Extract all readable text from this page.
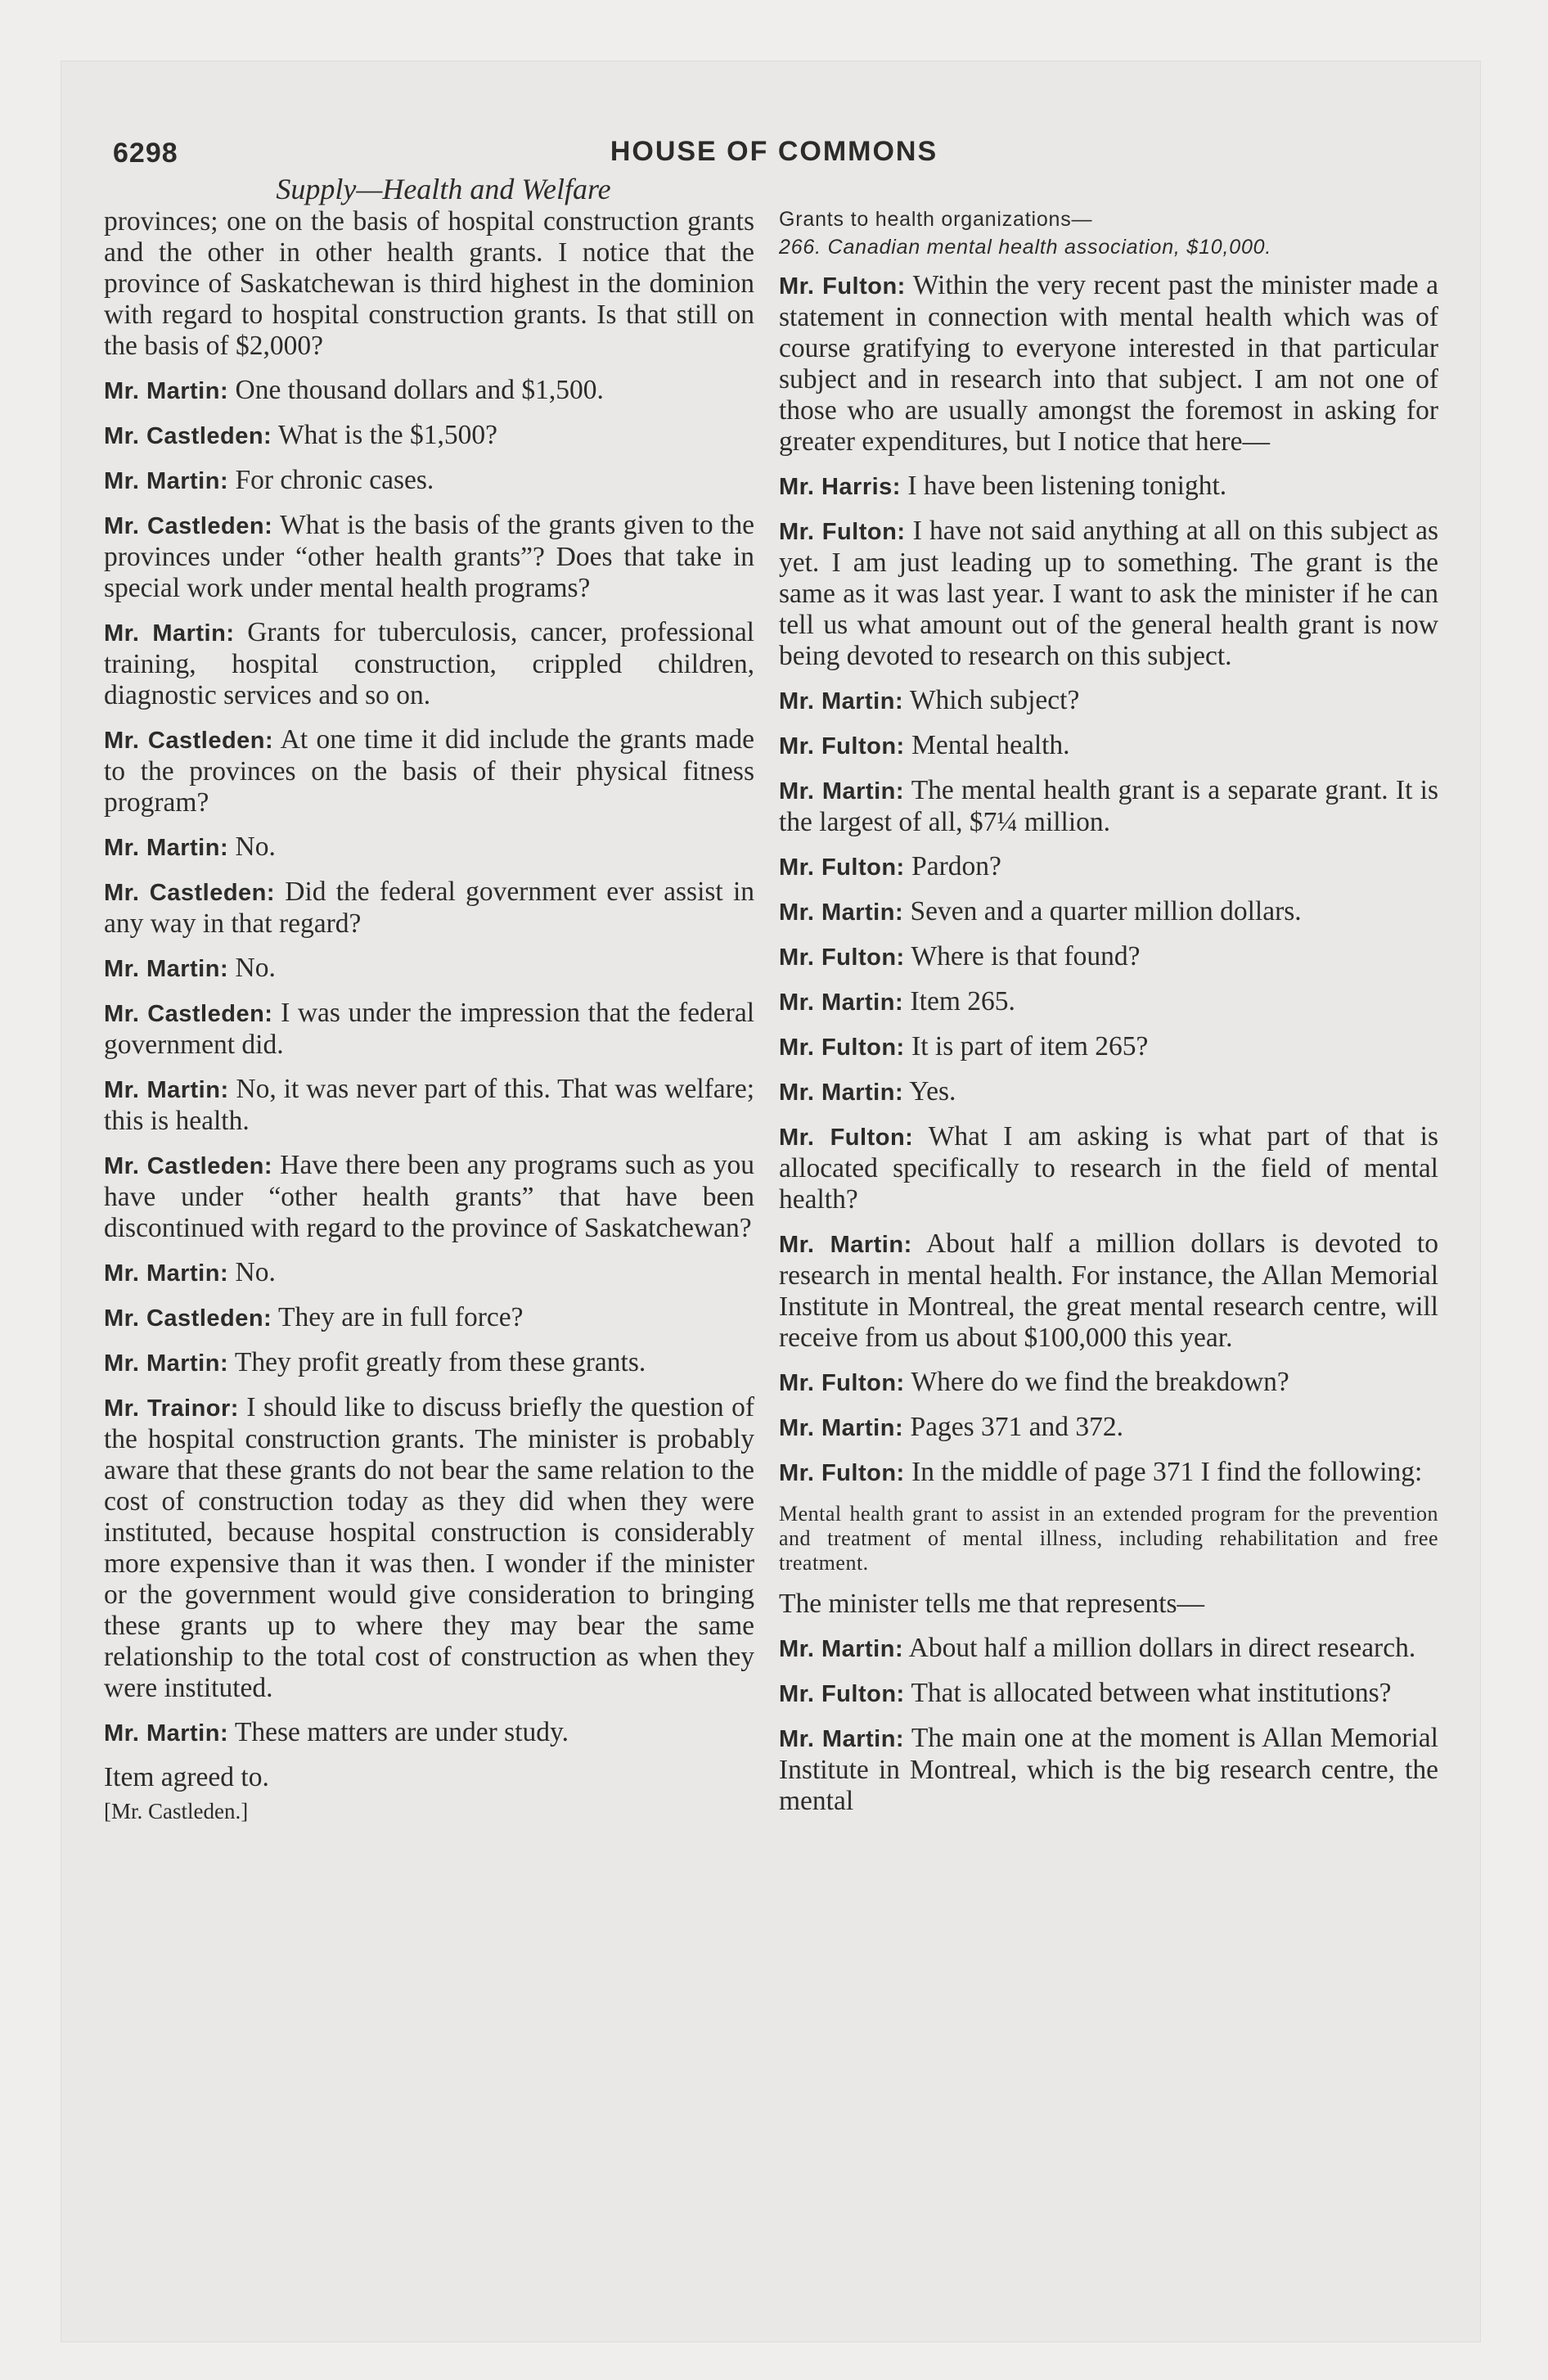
6298	HOUSE OF COMMONS
Supply—Health and Welfare

provinces; one on the basis of hospital construction grants and the other in other health grants. I notice that the province of Saskatchewan is third highest in the dominion with regard to hospital construction grants. Is that still on the basis of $2,000?

Mr. Martin: One thousand dollars and $1,500.

Mr. Castleden: What is the $1,500?

Mr. Martin: For chronic cases.

Mr. Castleden: What is the basis of the grants given to the provinces under “other health grants”? Does that take in special work under mental health programs?

Mr. Martin: Grants for tuberculosis, cancer, professional training, hospital construction, crippled children, diagnostic services and so on.

Mr. Castleden: At one time it did include the grants made to the provinces on the basis of their physical fitness program?

Mr. Martin: No.

Mr. Castleden: Did the federal government ever assist in any way in that regard?

Mr. Martin: No.

Mr. Castleden: I was under the impression that the federal government did.

Mr. Martin: No, it was never part of this. That was welfare; this is health.

Mr. Castleden: Have there been any programs such as you have under “other health grants” that have been discontinued with regard to the province of Saskatchewan?

Mr. Martin: No.

Mr. Castleden: They are in full force?

Mr. Martin: They profit greatly from these grants.

Mr. Trainor: I should like to discuss briefly the question of the hospital construction grants. The minister is probably aware that these grants do not bear the same relation to the cost of construction today as they did when they were instituted, because hospital construction is considerably more expensive than it was then. I wonder if the minister or the government would give consideration to bringing these grants up to where they may bear the same relationship to the total cost of construction as when they were instituted.

Mr. Martin: These matters are under study.

Item agreed to.

[Mr. Castleden.]
Grants to health organizations—
266. Canadian mental health association, $10,000.

Mr. Fulton: Within the very recent past the minister made a statement in connection with mental health which was of course gratifying to everyone interested in that particular subject and in research into that subject. I am not one of those who are usually amongst the foremost in asking for greater expenditures, but I notice that here—

Mr. Harris: I have been listening tonight.

Mr. Fulton: I have not said anything at all on this subject as yet. I am just leading up to something. The grant is the same as it was last year. I want to ask the minister if he can tell us what amount out of the general health grant is now being devoted to research on this subject.

Mr. Martin: Which subject?

Mr. Fulton: Mental health.

Mr. Martin: The mental health grant is a separate grant. It is the largest of all, $7¼ million.

Mr. Fulton: Pardon?

Mr. Martin: Seven and a quarter million dollars.

Mr. Fulton: Where is that found?

Mr. Martin: Item 265.

Mr. Fulton: It is part of item 265?

Mr. Martin: Yes.

Mr. Fulton: What I am asking is what part of that is allocated specifically to research in the field of mental health?

Mr. Martin: About half a million dollars is devoted to research in mental health. For instance, the Allan Memorial Institute in Montreal, the great mental research centre, will receive from us about $100,000 this year.

Mr. Fulton: Where do we find the breakdown?

Mr. Martin: Pages 371 and 372.

Mr. Fulton: In the middle of page 371 I find the following:

Mental health grant to assist in an extended program for the prevention and treatment of mental illness, including rehabilitation and free treatment.

The minister tells me that represents—

Mr. Martin: About half a million dollars in direct research.

Mr. Fulton: That is allocated between what institutions?

Mr. Martin: The main one at the moment is Allan Memorial Institute in Montreal, which is the big research centre, the mental
